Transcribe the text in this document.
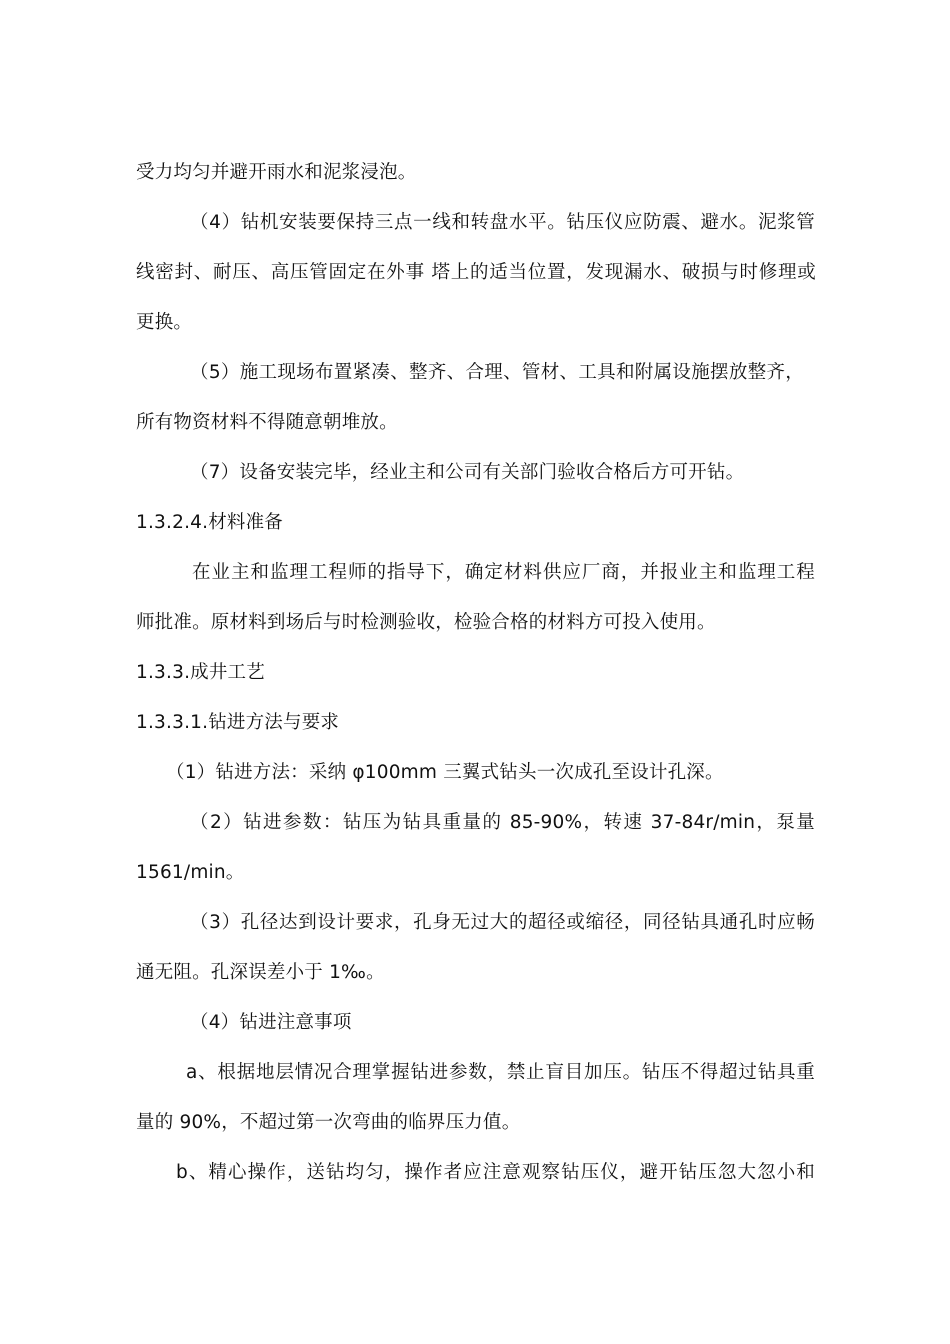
受力均匀并避开雨水和泥浆浸泡。
（4）钻机安装要保持三点一线和转盘水平。钻压仪应防震、避水。泥浆管
线密封、耐压、高压管固定在外事 塔上的适当位置，发现漏水、破损与时修理或
更换。
（5）施工现场布置紧凑、整齐、合理、管材、工具和附属设施摆放整齐，
所有物资材料不得随意朝堆放。
（7）设备安装完毕，经业主和公司有关部门验收合格后方可开钻。
1.3.2.4.材料准备
在业主和监理工程师的指导下，确定材料供应厂商，并报业主和监理工程
师批准。原材料到场后与时检测验收，检验合格的材料方可投入使用。
1.3.3.成井工艺
1.3.3.1.钻进方法与要求
（1）钻进方法：采纳 φ100mm 三翼式钻头一次成孔至设计孔深。
（2）钻进参数：钻压为钻具重量的 85-90%，转速 37-84r/min，泵量
1561/min。
（3）孔径达到设计要求，孔身无过大的超径或缩径，同径钻具通孔时应畅
通无阻。孔深误差小于 1‰。
（4）钻进注意事项
a、根据地层情况合理掌握钻进参数，禁止盲目加压。钻压不得超过钻具重
量的 90%，不超过第一次弯曲的临界压力值。
b、精心操作，送钻均匀，操作者应注意观察钻压仪，避开钻压忽大忽小和
